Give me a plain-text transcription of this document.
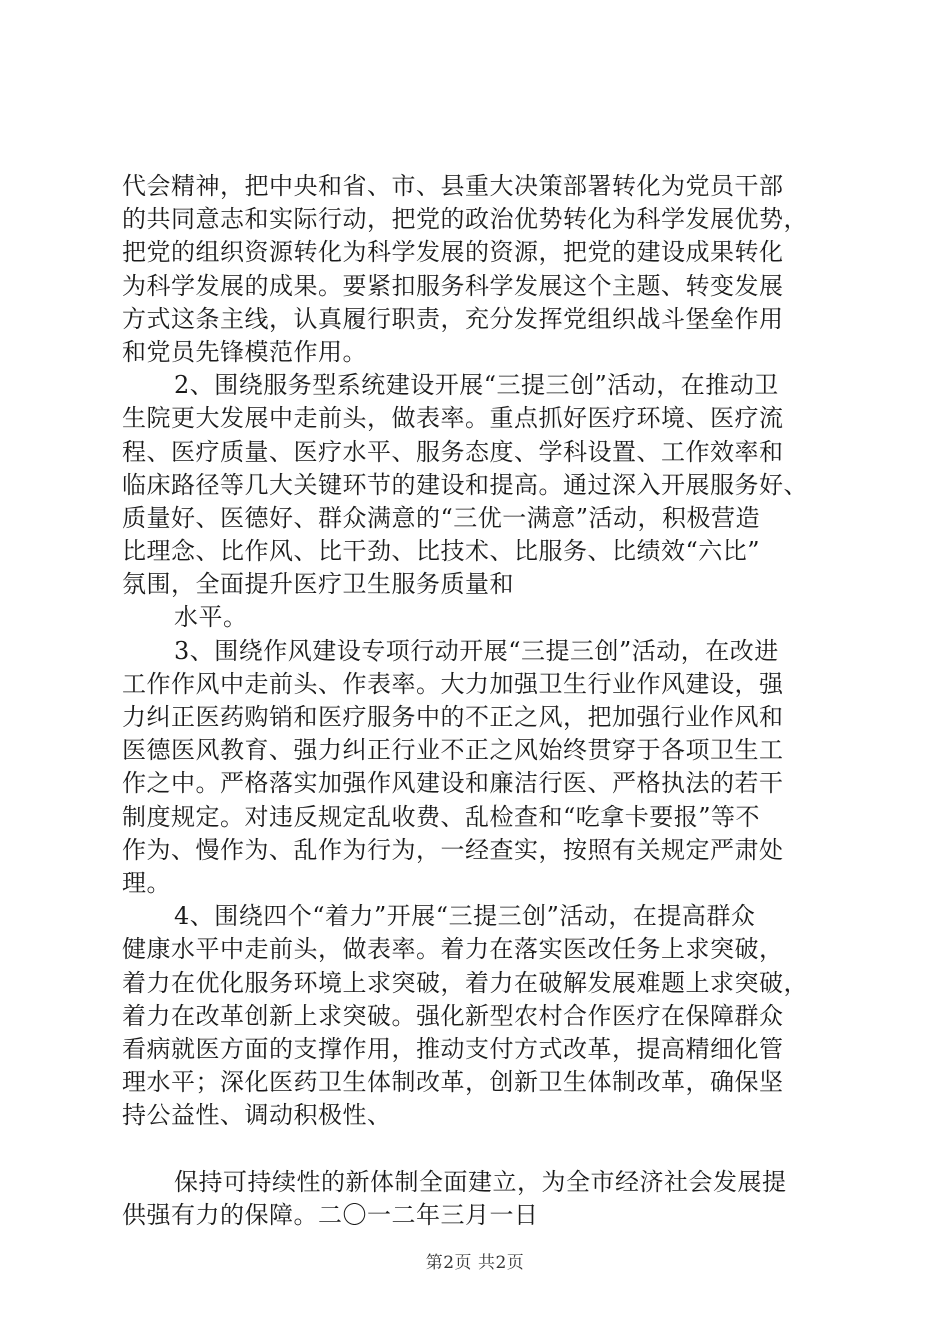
代会精神，把中央和省、市、县重大决策部署转化为党员干部
的共同意志和实际行动，把党的政治优势转化为科学发展优势，
把党的组织资源转化为科学发展的资源，把党的建设成果转化
为科学发展的成果。要紧扣服务科学发展这个主题、转变发展
方式这条主线，认真履行职责，充分发挥党组织战斗堡垒作用
和党员先锋模范作用。
2、围绕服务型系统建设开展“三提三创”活动，在推动卫
生院更大发展中走前头，做表率。重点抓好医疗环境、医疗流
程、医疗质量、医疗水平、服务态度、学科设置、工作效率和
临床路径等几大关键环节的建设和提高。通过深入开展服务好、
质量好、医德好、群众满意的“三优一满意”活动，积极营造
比理念、比作风、比干劲、比技术、比服务、比绩效“六比”
氛围，全面提升医疗卫生服务质量和
水平。
3、围绕作风建设专项行动开展“三提三创”活动，在改进
工作作风中走前头、作表率。大力加强卫生行业作风建设，强
力纠正医药购销和医疗服务中的不正之风，把加强行业作风和
医德医风教育、强力纠正行业不正之风始终贯穿于各项卫生工
作之中。严格落实加强作风建设和廉洁行医、严格执法的若干
制度规定。对违反规定乱收费、乱检查和“吃拿卡要报”等不
作为、慢作为、乱作为行为，一经查实，按照有关规定严肃处
理。
4、围绕四个“着力”开展“三提三创”活动，在提高群众
健康水平中走前头，做表率。着力在落实医改任务上求突破，
着力在优化服务环境上求突破，着力在破解发展难题上求突破，
着力在改革创新上求突破。强化新型农村合作医疗在保障群众
看病就医方面的支撑作用，推动支付方式改革，提高精细化管
理水平；深化医药卫生体制改革，创新卫生体制改革，确保坚
持公益性、调动积极性、
保持可持续性的新体制全面建立，为全市经济社会发展提
供强有力的保障。二〇一二年三月一日
第2页 共2页
